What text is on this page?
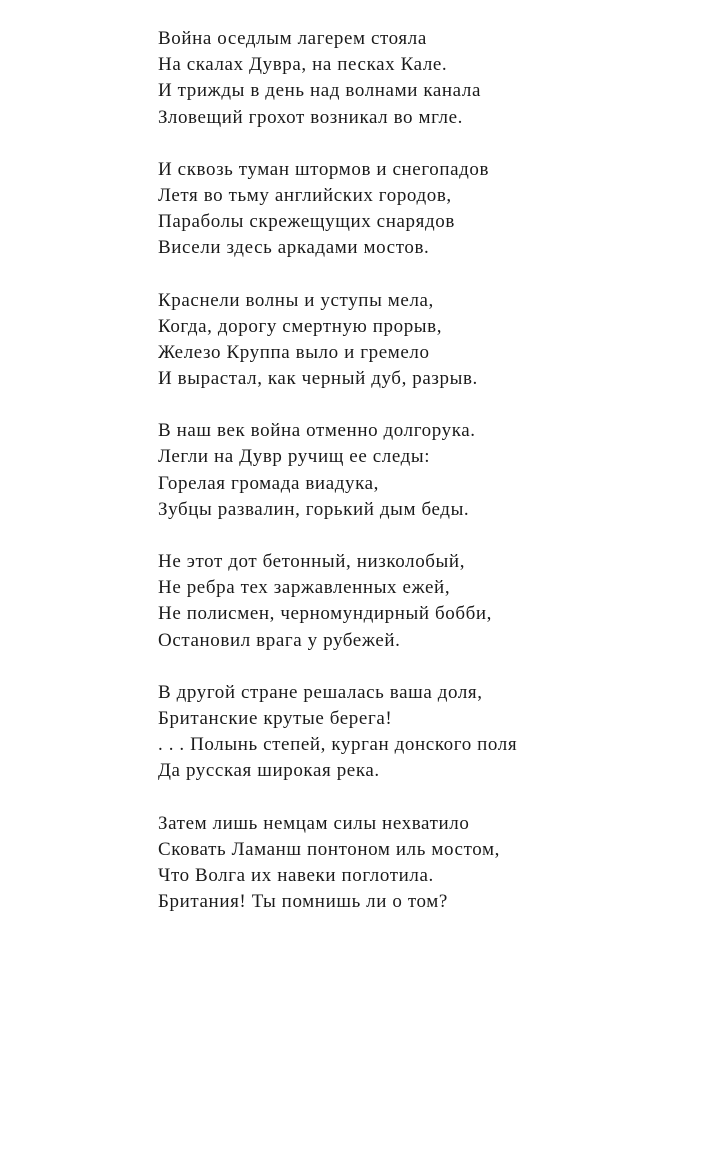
Война оседлым лагерем стояла
На скалах Дувра, на песках Кале.
И трижды в день над волнами канала
Зловещий грохот возникал во мгле.
И сквозь туман штормов и снегопадов
Летя во тьму английских городов,
Параболы скрежещущих снарядов
Висели здесь аркадами мостов.
Краснели волны и уступы мела,
Когда, дорогу смертную прорыв,
Железо Круппа выло и гремело
И вырастал, как черный дуб, разрыв.
В наш век война отменно долгорука.
Легли на Дувр ручищ ее следы:
Горелая громада виадука,
Зубцы развалин, горький дым беды.
Не этот дот бетонный, низколобый,
Не ребра тех заржавленных ежей,
Не полисмен, черномундирный бобби,
Остановил врага у рубежей.
В другой стране решалась ваша доля,
Британские крутые берега!
. . . Полынь степей, курган донского поля
Да русская широкая река.
Затем лишь немцам силы нехватило
Сковать Ламанш понтоном иль мостом,
Что Волга их навеки поглотила.
Британия! Ты помнишь ли о том?
